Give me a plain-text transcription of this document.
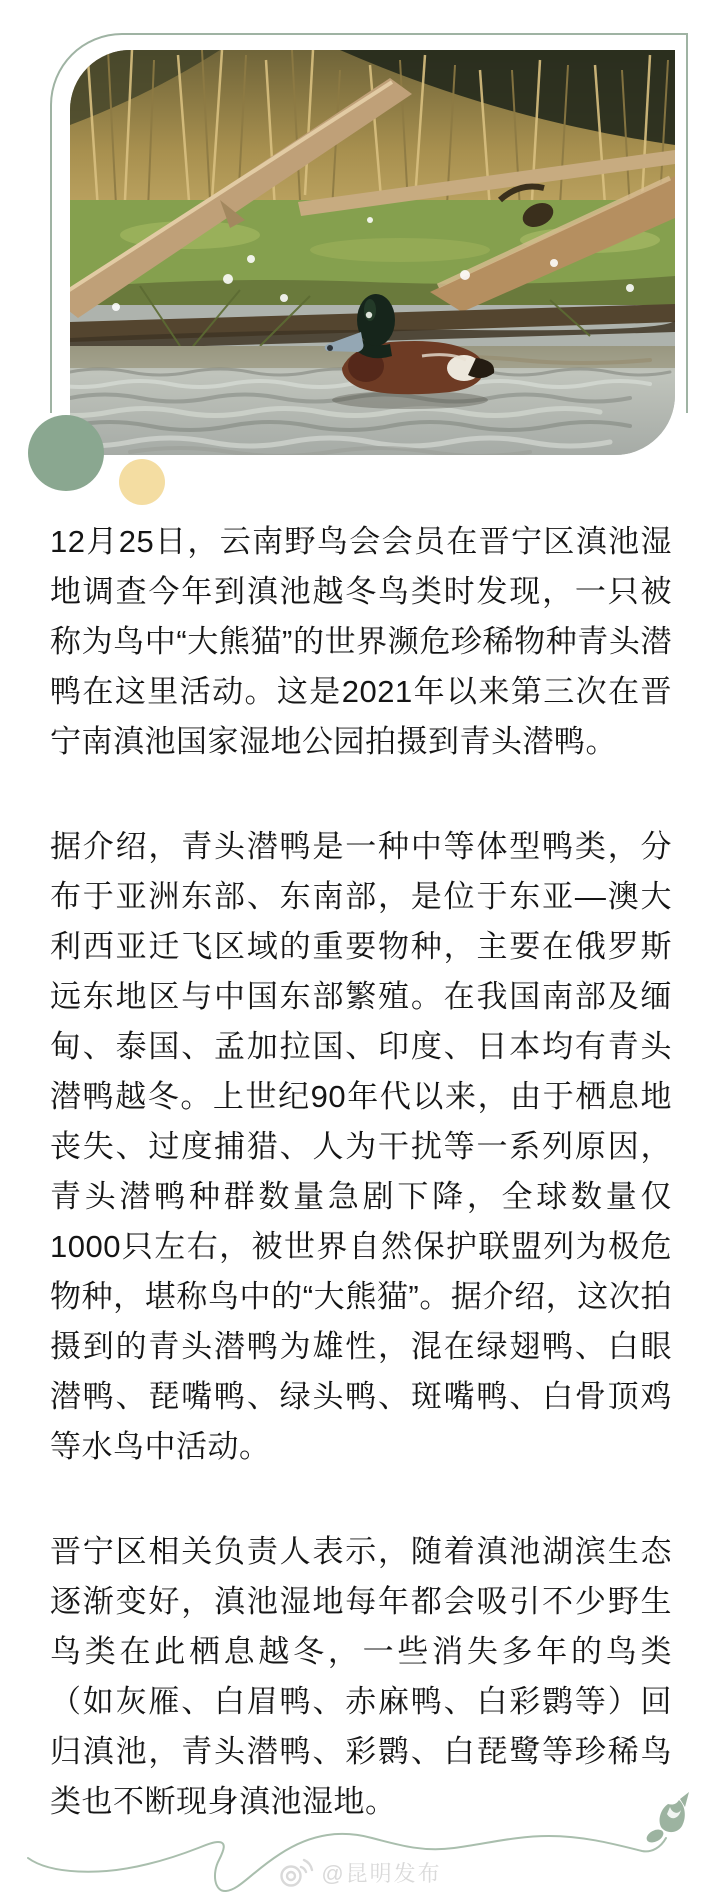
12月25日，云南野鸟会会员在晋宁区滇池湿地调查今年到滇池越冬鸟类时发现，一只被称为鸟中“大熊猫”的世界濒危珍稀物种青头潜鸭在这里活动。这是2021年以来第三次在晋宁南滇池国家湿地公园拍摄到青头潜鸭。

据介绍，青头潜鸭是一种中等体型鸭类，分布于亚洲东部、东南部，是位于东亚—澳大利西亚迁飞区域的重要物种，主要在俄罗斯远东地区与中国东部繁殖。在我国南部及缅甸、泰国、孟加拉国、印度、日本均有青头潜鸭越冬。上世纪90年代以来，由于栖息地丧失、过度捕猎、人为干扰等一系列原因，青头潜鸭种群数量急剧下降，全球数量仅1000只左右，被世界自然保护联盟列为极危物种，堪称鸟中的“大熊猫”。据介绍，这次拍摄到的青头潜鸭为雄性，混在绿翅鸭、白眼潜鸭、琵嘴鸭、绿头鸭、斑嘴鸭、白骨顶鸡等水鸟中活动。

晋宁区相关负责人表示，随着滇池湖滨生态逐渐变好，滇池湿地每年都会吸引不少野生鸟类在此栖息越冬，一些消失多年的鸟类（如灰雁、白眉鸭、赤麻鸭、白彩鹮等）回归滇池，青头潜鸭、彩鹮、白琵鹭等珍稀鸟类也不断现身滇池湿地。

@昆明发布
